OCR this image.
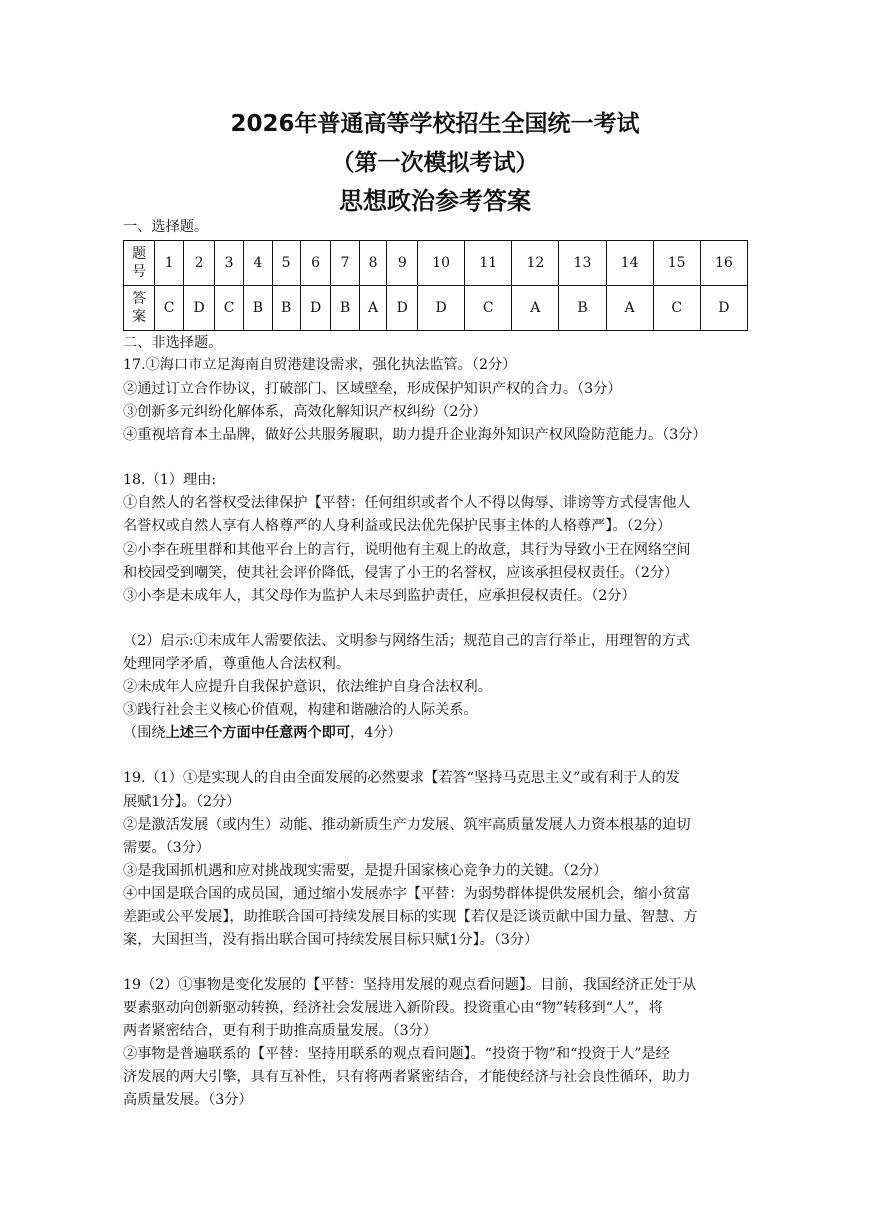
2026年普通高等学校招生全国统一考试
（第一次模拟考试）
思想政治参考答案
一、选择题。
题
号	1	2	3	4	5	6	7	8	9	10	11	12	13	14	15	16
答
案	C	D	C	B	B	D	B	A	D	D	C	A	B	A	C	D
二、非选择题。
17.①海口市立足海南自贸港建设需求，强化执法监管。（2分）
②通过订立合作协议，打破部门、区域壁垒，形成保护知识产权的合力。（3分）
③创新多元纠纷化解体系，高效化解知识产权纠纷（2分）
④重视培育本土品牌，做好公共服务履职，助力提升企业海外知识产权风险防范能力。（3分）
18.（1）理由:
①自然人的名誉权受法律保护【平替：任何组织或者个人不得以侮辱、诽谤等方式侵害他人
名誉权或自然人享有人格尊严的人身利益或民法优先保护民事主体的人格尊严】。（2分）
②小李在班里群和其他平台上的言行，说明他有主观上的故意，其行为导致小王在网络空间
和校园受到嘲笑，使其社会评价降低，侵害了小王的名誉权，应该承担侵权责任。（2分）
③小李是未成年人，其父母作为监护人未尽到监护责任，应承担侵权责任。（2分）
（2）启示:①未成年人需要依法、文明参与网络生活；规范自己的言行举止，用理智的方式
处理同学矛盾，尊重他人合法权利。
②未成年人应提升自我保护意识，依法维护自身合法权利。
③践行社会主义核心价值观，构建和谐融洽的人际关系。
（围绕上述三个方面中任意两个即可，4分）
19.（1）①是实现人的自由全面发展的必然要求【若答“坚持马克思主义”或有利于人的发
展赋1分】。（2分）
②是激活发展（或内生）动能、推动新质生产力发展、筑牢高质量发展人力资本根基的迫切
需要。（3分）
③是我国抓机遇和应对挑战现实需要，是提升国家核心竞争力的关键。（2分）
④中国是联合国的成员国，通过缩小发展赤字【平替：为弱势群体提供发展机会，缩小贫富
差距或公平发展】，助推联合国可持续发展目标的实现【若仅是泛谈贡献中国力量、智慧、方
案，大国担当，没有指出联合国可持续发展目标只赋1分】。（3分）
19（2）①事物是变化发展的【平替：坚持用发展的观点看问题】。目前，我国经济正处于从
要素驱动向创新驱动转换，经济社会发展进入新阶段。投资重心由“物”转移到“人”，将
两者紧密结合，更有利于助推高质量发展。（3分）
②事物是普遍联系的【平替：坚持用联系的观点看问题】。“投资于物”和“投资于人”是经
济发展的两大引擎，具有互补性，只有将两者紧密结合，才能使经济与社会良性循环，助力
高质量发展。（3分）
